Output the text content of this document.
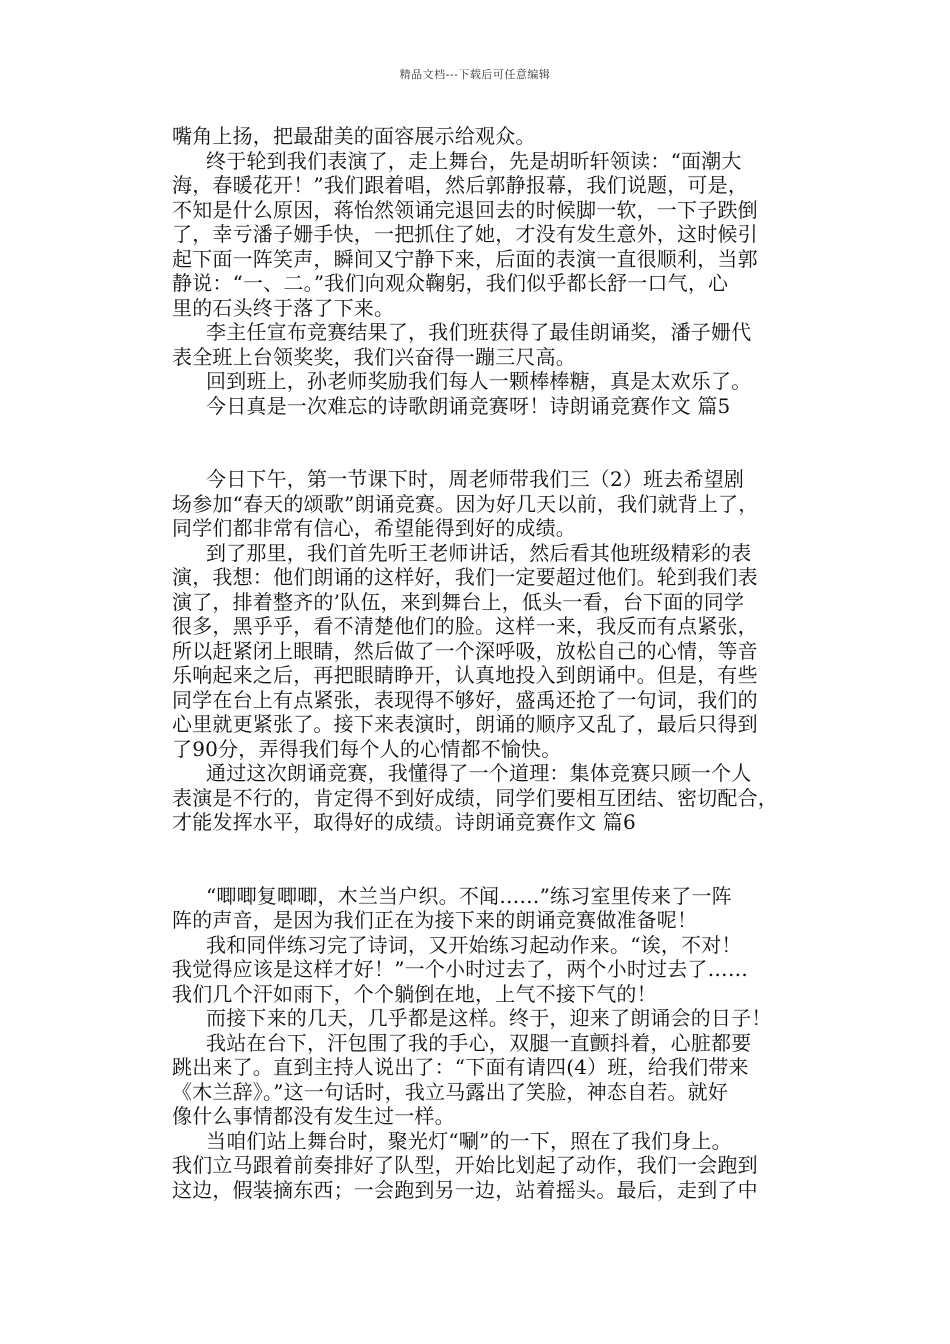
精品文档---下载后可任意编辑
嘴角上扬，把最甜美的面容展示给观众。
终于轮到我们表演了，走上舞台，先是胡昕轩领读：“面潮大
海，春暖花开！”我们跟着唱，然后郭静报幕，我们说题，可是，
不知是什么原因，蒋怡然领诵完退回去的时候脚一软，一下子跌倒
了，幸亏潘子姗手快，一把抓住了她，才没有发生意外，这时候引
起下面一阵笑声，瞬间又宁静下来，后面的表演一直很顺利，当郭
静说：“一、二。”我们向观众鞠躬，我们似乎都长舒一口气，心
里的石头终于落了下来。
李主任宣布竞赛结果了，我们班获得了最佳朗诵奖，潘子姗代
表全班上台领奖奖，我们兴奋得一蹦三尺高。
回到班上，孙老师奖励我们每人一颗棒棒糖，真是太欢乐了。
今日真是一次难忘的诗歌朗诵竞赛呀！诗朗诵竞赛作文 篇5
今日下午，第一节课下时，周老师带我们三（2）班去希望剧
场参加“春天的颂歌”朗诵竞赛。因为好几天以前，我们就背上了，
同学们都非常有信心，希望能得到好的成绩。
到了那里，我们首先听王老师讲话，然后看其他班级精彩的表
演，我想：他们朗诵的这样好，我们一定要超过他们。轮到我们表
演了，排着整齐的’队伍，来到舞台上，低头一看，台下面的同学
很多，黑乎乎，看不清楚他们的脸。这样一来，我反而有点紧张，
所以赶紧闭上眼睛，然后做了一个深呼吸，放松自己的心情，等音
乐响起来之后，再把眼睛睁开，认真地投入到朗诵中。但是，有些
同学在台上有点紧张，表现得不够好，盛禹还抢了一句词，我们的
心里就更紧张了。接下来表演时，朗诵的顺序又乱了，最后只得到
了90分，弄得我们每个人的心情都不愉快。
通过这次朗诵竞赛，我懂得了一个道理：集体竞赛只顾一个人
表演是不行的，肯定得不到好成绩，同学们要相互团结、密切配合，
才能发挥水平，取得好的成绩。诗朗诵竞赛作文 篇6
“唧唧复唧唧，木兰当户织。不闻……”练习室里传来了一阵
阵的声音，是因为我们正在为接下来的朗诵竞赛做准备呢！
我和同伴练习完了诗词，又开始练习起动作来。“诶，不对！
我觉得应该是这样才好！”一个小时过去了，两个小时过去了……
我们几个汗如雨下，个个躺倒在地，上气不接下气的！
而接下来的几天，几乎都是这样。终于，迎来了朗诵会的日子！
我站在台下，汗包围了我的手心，双腿一直颤抖着，心脏都要
跳出来了。直到主持人说出了：“下面有请四(4）班，给我们带来
《木兰辞》。”这一句话时，我立马露出了笑脸，神态自若。就好
像什么事情都没有发生过一样。
当咱们站上舞台时，聚光灯“唰”的一下，照在了我们身上。
我们立马跟着前奏排好了队型，开始比划起了动作，我们一会跑到
这边，假装摘东西；一会跑到另一边，站着摇头。最后，走到了中
